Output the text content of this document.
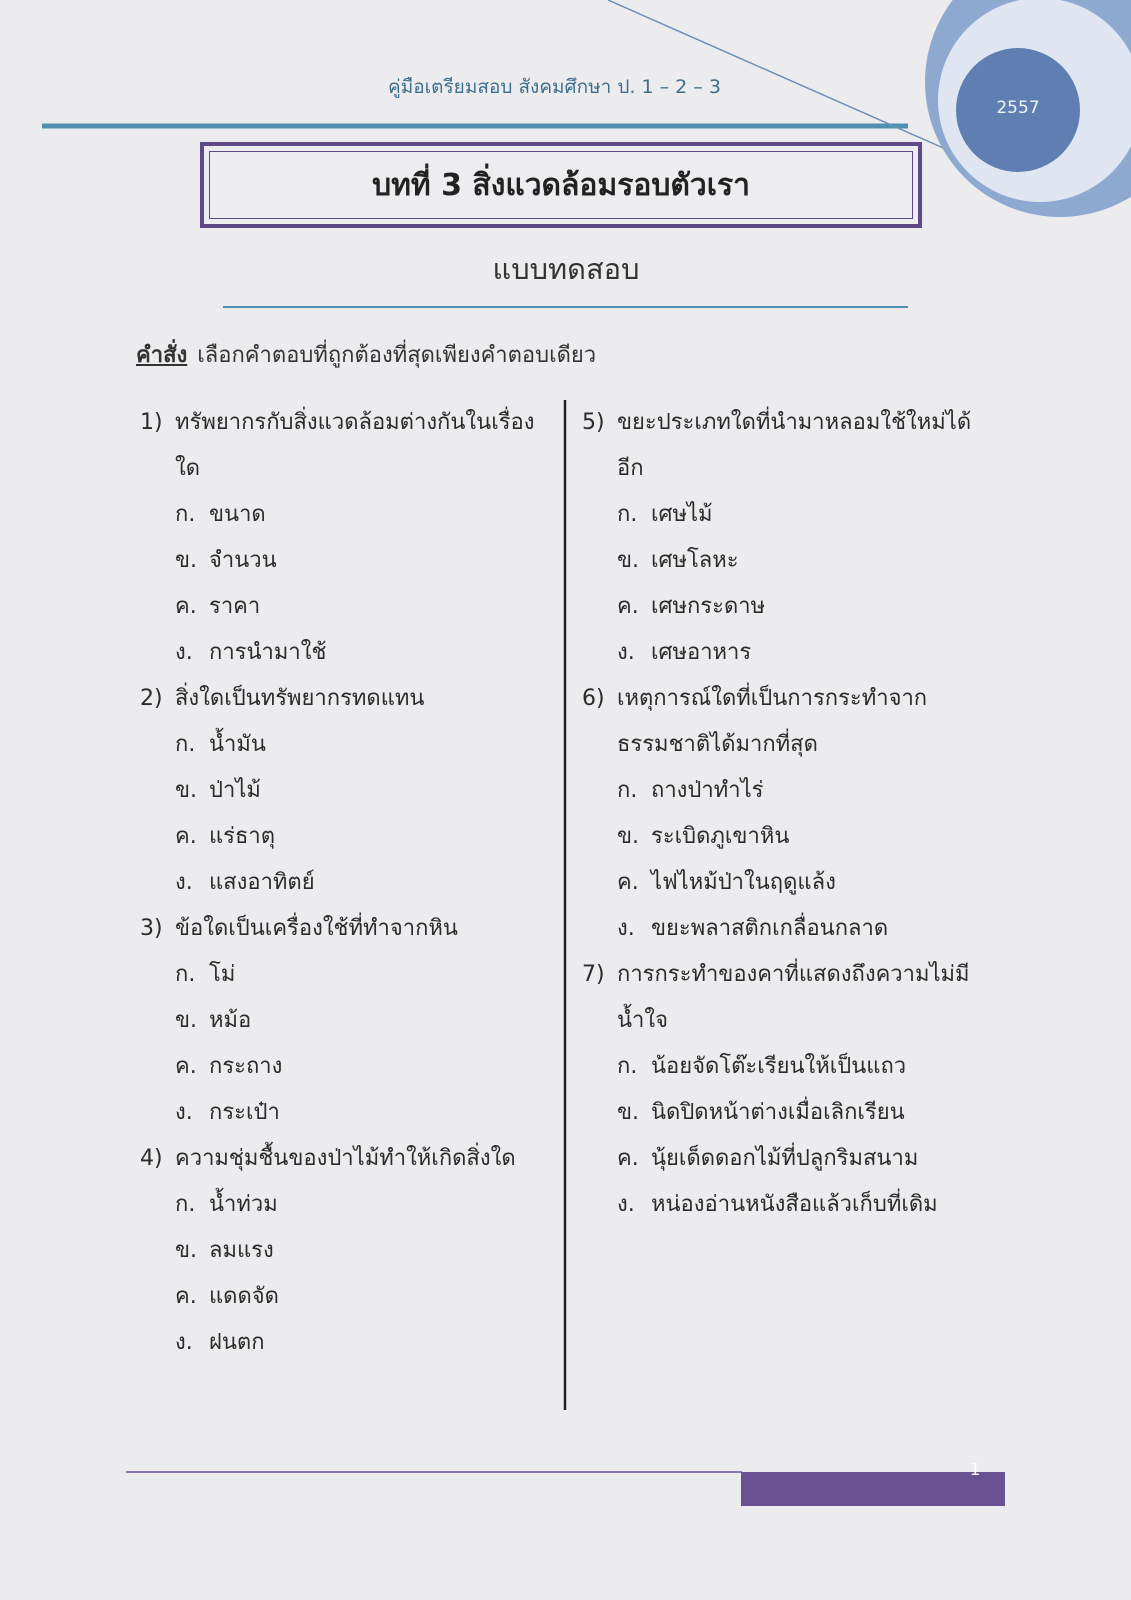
คู่มือเตรียมสอบ สังคมศึกษา ป. 1 – 2 – 3
2557
บทที่ 3 สิ่งแวดล้อมรอบตัวเรา
แบบทดสอบ
คำสั่ง เลือกคำตอบที่ถูกต้องที่สุดเพียงคำตอบเดียว
1) ทรัพยากรกับสิ่งแวดล้อมต่างกันในเรื่อง
ใด
ก. ขนาด
ข. จำนวน
ค. ราคา
ง. การนำมาใช้
2) สิ่งใดเป็นทรัพยากรทดแทน
ก. น้ำมัน
ข. ป่าไม้
ค. แร่ธาตุ
ง. แสงอาทิตย์
3) ข้อใดเป็นเครื่องใช้ที่ทำจากหิน
ก. โม่
ข. หม้อ
ค. กระถาง
ง. กระเป๋า
4) ความชุ่มชื้นของป่าไม้ทำให้เกิดสิ่งใด
ก. น้ำท่วม
ข. ลมแรง
ค. แดดจัด
ง. ฝนตก
5) ขยะประเภทใดที่นำมาหลอมใช้ใหม่ได้
อีก
ก. เศษไม้
ข. เศษโลหะ
ค. เศษกระดาษ
ง. เศษอาหาร
6) เหตุการณ์ใดที่เป็นการกระทำจาก
ธรรมชาติได้มากที่สุด
ก. ถางป่าทำไร่
ข. ระเบิดภูเขาหิน
ค. ไฟไหม้ป่าในฤดูแล้ง
ง. ขยะพลาสติกเกลื่อนกลาด
7) การกระทำของคาที่แสดงถึงความไม่มี
น้ำใจ
ก. น้อยจัดโต๊ะเรียนให้เป็นแถว
ข. นิดปิดหน้าต่างเมื่อเลิกเรียน
ค. นุ้ยเด็ดดอกไม้ที่ปลูกริมสนาม
ง. หน่องอ่านหนังสือแล้วเก็บที่เดิม
1
